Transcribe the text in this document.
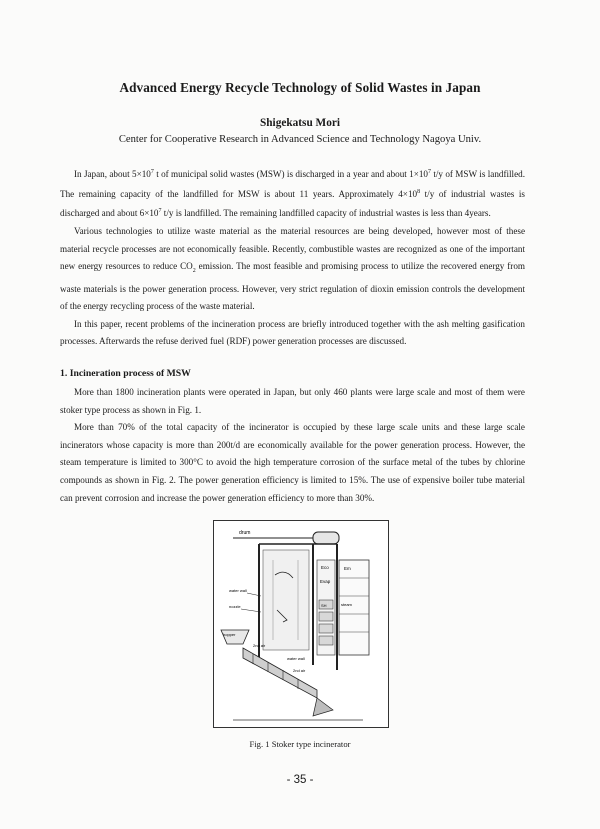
Advanced Energy Recycle Technology of Solid Wastes in Japan
Shigekatsu Mori
Center for Cooperative Research in Advanced Science and Technology Nagoya Univ.

In Japan, about $5\times 10^7$ t of municipal solid wastes (MSW) is discharged in a year and about $1\times 10^7$ t/y of MSW is landfilled. The remaining capacity of the landfilled for MSW is about 11 years. Approximately $4\times 10^8$ t/y of industrial wastes is discharged and about $6\times 10^7$ t/y is landfilled. The remaining landfilled capacity of industrial wastes is less than 4years.

Various technologies to utilize waste material as the material resources are being developed, however most of these material recycle processes are not economically feasible. Recently, combustible wastes are recognized as one of the important new energy resources to reduce $CO_2$ emission. The most feasible and promising process to utilize the recovered energy from waste materials is the power generation process. However, very strict regulation of dioxin emission controls the development of the energy recycling process of the waste material.

In this paper, recent problems of the incineration process are briefly introduced together with the ash melting gasification processes. Afterwards the refuse derived fuel (RDF) power generation processes are discussed.

1. Incineration process of MSW

More than 1800 incineration plants were operated in Japan, but only 460 plants were large scale and most of them were stoker type process as shown in Fig. 1.

More than 70% of the total capacity of the incinerator is occupied by these large scale units and these large scale incinerators whose capacity is more than 200t/d are economically available for the power generation process. However, the steam temperature is limited to 300°C to avoid the high temperature corrosion of the surface metal of the tubes by chlorine compounds as shown in Fig. 2. The power generation efficiency is limited to 15%. The use of expensive boiler tube material can prevent corrosion and increase the power generation efficiency to more than 30%.

drum
SH
Eco
Evap
Em
steam
water wall
nozzle
hopper
2nd air
water wall
2nd air
Fig. 1 Stoker type incinerator
- 35 -
